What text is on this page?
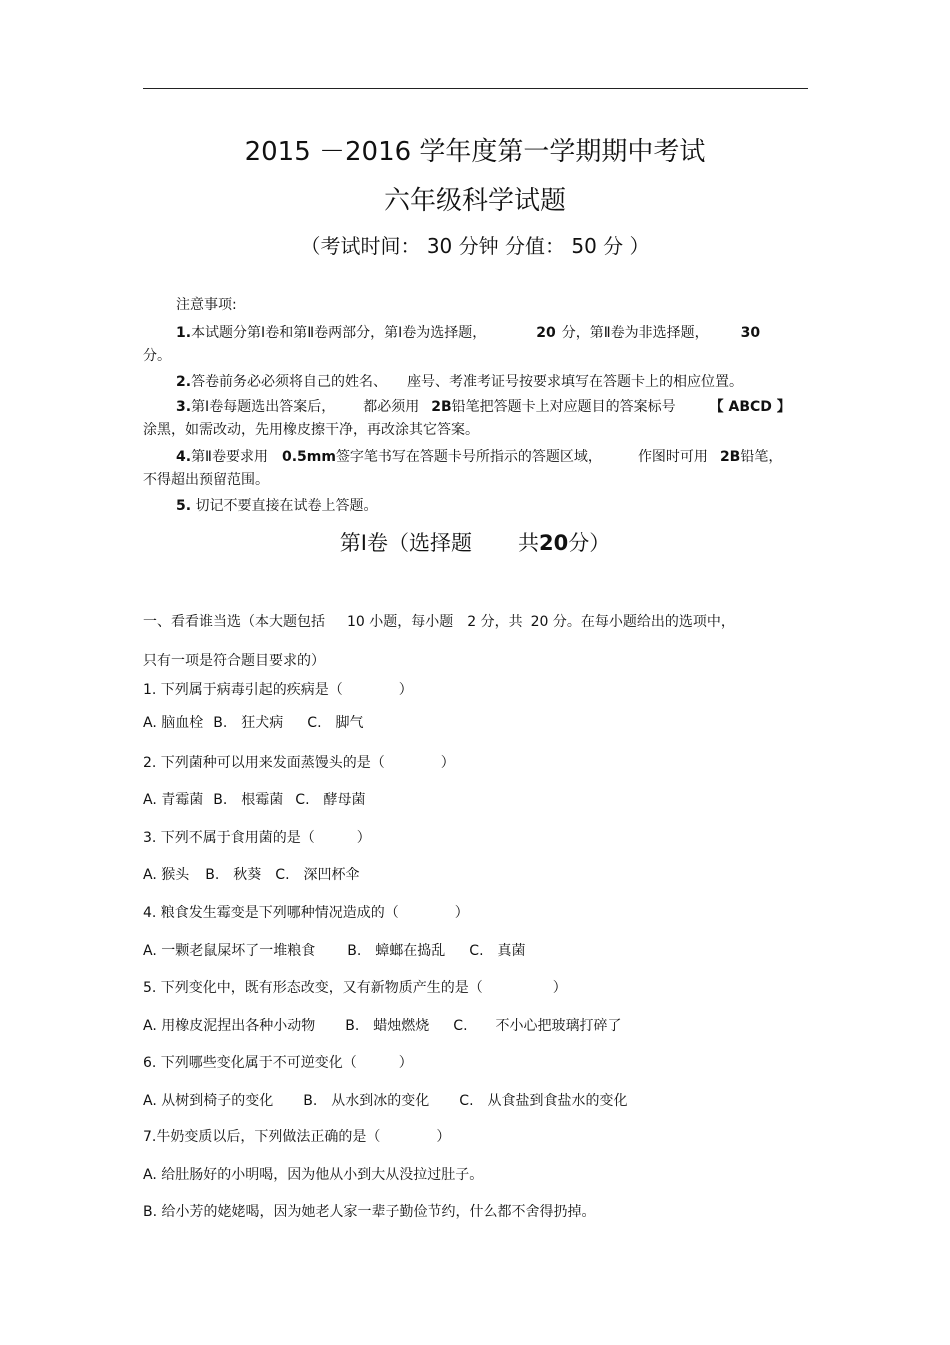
2015 －2016 学年度第一学期期中考试
六年级科学试题
（考试时间： 30 分钟 分值： 50 分 ）
注意事项:
1.本试题分第Ⅰ卷和第Ⅱ卷两部分，第Ⅰ卷为选择题，	20 分，第Ⅱ卷为非选择题， 30
分。
2.答卷前务必必须将自己的姓名、 座号、考准考证号按要求填写在答题卡上的相应位置。
3.第Ⅰ卷每题选出答案后， 都必须用 2B铅笔把答题卡上对应题目的答案标号 【 ABCD 】
涂黑，如需改动，先用橡皮擦干净，再改涂其它答案。
4.第Ⅱ卷要求用 0.5mm签字笔书写在答题卡号所指示的答题区域，	作图时可用 2B铅笔，
不得超出预留范围。
5. 切记不要直接在试卷上答题。
第Ⅰ卷（选择题 共20分）
一、看看谁当选（本大题包括 10 小题，每小题 2 分，共 20 分。在每小题给出的选项中，
只有一项是符合题目要求的）
1. 下列属于病毒引起的疾病是（　　　　）
A. 脑血栓 B.　狂犬病 C.　脚气
2. 下列菌种可以用来发面蒸馒头的是（　　　　）
A. 青霉菌 B.　根霉菌 C.　酵母菌
3. 下列不属于食用菌的是（　　　）
A. 猴头 B.　秋葵 C.　深凹杯伞
4. 粮食发生霉变是下列哪种情况造成的（　　　　）
A. 一颗老鼠屎坏了一堆粮食 B.　蟑螂在捣乱 C.　真菌
5. 下列变化中，既有形态改变，又有新物质产生的是（　　　　　）
A. 用橡皮泥捏出各种小动物 B.　蜡烛燃烧 C.　　不小心把玻璃打碎了
6. 下列哪些变化属于不可逆变化（　　　）
A. 从树到椅子的变化 B.　从水到冰的变化 C.　从食盐到食盐水的变化
7.牛奶变质以后，下列做法正确的是（　　　　）
A. 给肚肠好的小明喝，因为他从小到大从没拉过肚子。
B. 给小芳的姥姥喝，因为她老人家一辈子勤俭节约，什么都不舍得扔掉。
